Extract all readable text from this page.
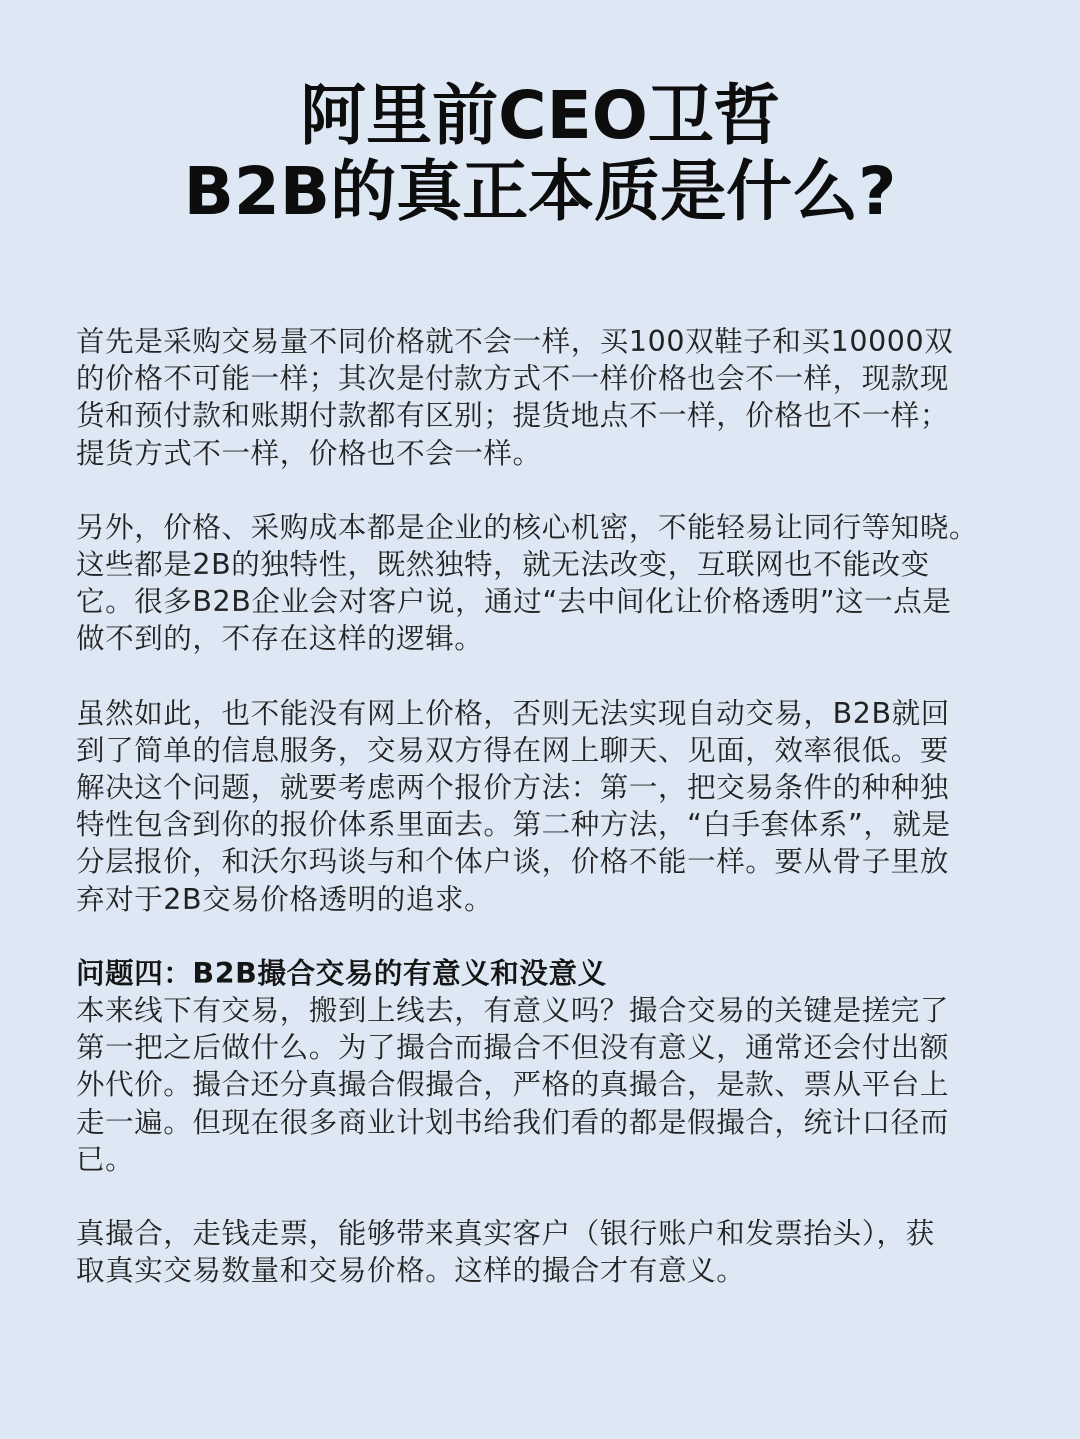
阿里前CEO卫哲
B2B的真正本质是什么?

首先是采购交易量不同价格就不会一样，买100双鞋子和买10000双
的价格不可能一样；其次是付款方式不一样价格也会不一样，现款现
货和预付款和账期付款都有区别；提货地点不一样，价格也不一样；
提货方式不一样，价格也不会一样。

另外，价格、采购成本都是企业的核心机密，不能轻易让同行等知晓。
这些都是2B的独特性，既然独特，就无法改变，互联网也不能改变
它。很多B2B企业会对客户说，通过“去中间化让价格透明”这一点是
做不到的，不存在这样的逻辑。

虽然如此，也不能没有网上价格，否则无法实现自动交易，B2B就回
到了简单的信息服务，交易双方得在网上聊天、见面，效率很低。要
解决这个问题，就要考虑两个报价方法：第一，把交易条件的种种独
特性包含到你的报价体系里面去。第二种方法，“白手套体系”，就是
分层报价，和沃尔玛谈与和个体户谈，价格不能一样。要从骨子里放
弃对于2B交易价格透明的追求。

问题四：B2B撮合交易的有意义和没意义
本来线下有交易，搬到上线去，有意义吗？撮合交易的关键是搓完了
第一把之后做什么。为了撮合而撮合不但没有意义，通常还会付出额
外代价。撮合还分真撮合假撮合，严格的真撮合，是款、票从平台上
走一遍。但现在很多商业计划书给我们看的都是假撮合，统计口径而
已。

真撮合，走钱走票，能够带来真实客户（银行账户和发票抬头），获
取真实交易数量和交易价格。这样的撮合才有意义。
